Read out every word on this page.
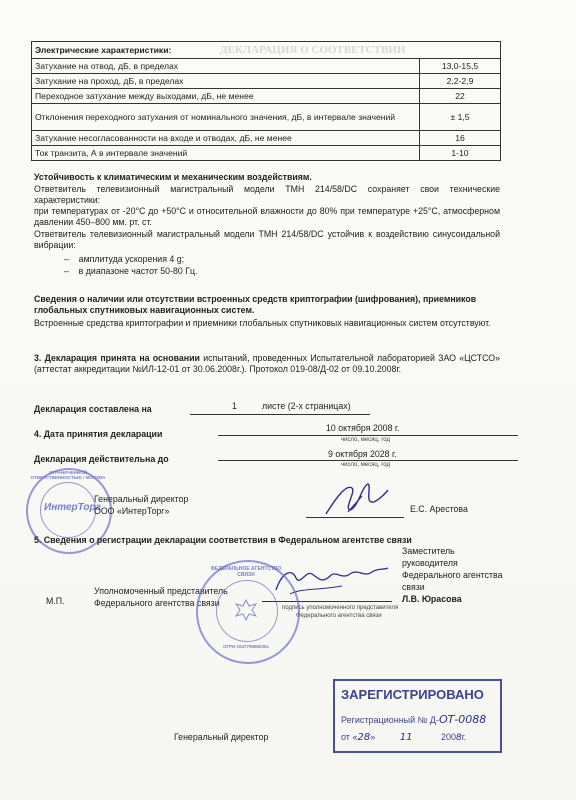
ДЕКЛАРАЦИЯ О СООТВЕТСТВИИ
Электрические характеристики:	
Затухание на отвод, дБ, в пределах	13,0-15,5
Затухание на проход, дБ, в пределах	2,2-2,9
Переходное затухание между выходами, дБ, не менее	22
Отклонения переходного затухания от номинального значения, дБ, в интервале значений	± 1,5
Затухание несогласованности на входе и отводах, дБ, не менее	16
Ток транзита, А в интервале значений	1-10
Устойчивость к климатическим и механическим воздействиям.
Ответвитель телевизионный магистральный модели ТМН 214/58/DC сохраняет свои технические характеристики:
при температурах от -20°С до +50°С и относительной влажности до 80% при температуре +25°С, атмосферном давлении 450–800 мм. рт. ст.
Ответвитель телевизионный магистральный модели ТМН 214/58/DC устойчив к воздействию синусоидальной вибрации:
–    амплитуда ускорения 4 g;
–    в диапазоне частот 50-80 Гц.
Сведения о наличии или отсутствии встроенных средств криптографии (шифрования), приемников глобальных спутниковых навигационных систем.
Встроенные средства криптографии и приемники глобальных спутниковых навигационных систем отсутствуют.
3. Декларация принята на основании испытаний, проведенных Испытательной лабораторией ЗАО «ЦСТСО» (аттестат аккредитации №ИЛ-12-01 от 30.06.2008г.). Протокол 019-08/Д-02 от 09.10.2008г.
Декларация составлена на	1	листе (2-х страницах)
4. Дата принятия декларации
10 октября 2008 г.
число, месяц, год
Декларация действительна до	9 октября 2028 г.
число, месяц, год
ИнтерТорг
ОГРАНИЧЕННОЙ ОТВЕТСТВЕННОСТЬЮ • МОСКВА
Генеральный директор
ООО «ИнтерТорг»	Е.С. Арестова
5. Сведения о регистрации декларации соответствия в Федеральном агентстве связи
Заместитель
руководителя
Федерального агентства
связи
Л.В. Юрасова
М.П.
Уполномоченный представитель
Федерального агентства связи	подпись уполномоченного представителя
Федерального агентства связи
ФЕДЕРАЛЬНОЕ АГЕНТСТВО СВЯЗИ
ОГРН 1047796560351
ЗАРЕГИСТРИРОВАНО
Регистрационный № Д-ОТ-0088
от «28» 11	2008г.
Генеральный директор
